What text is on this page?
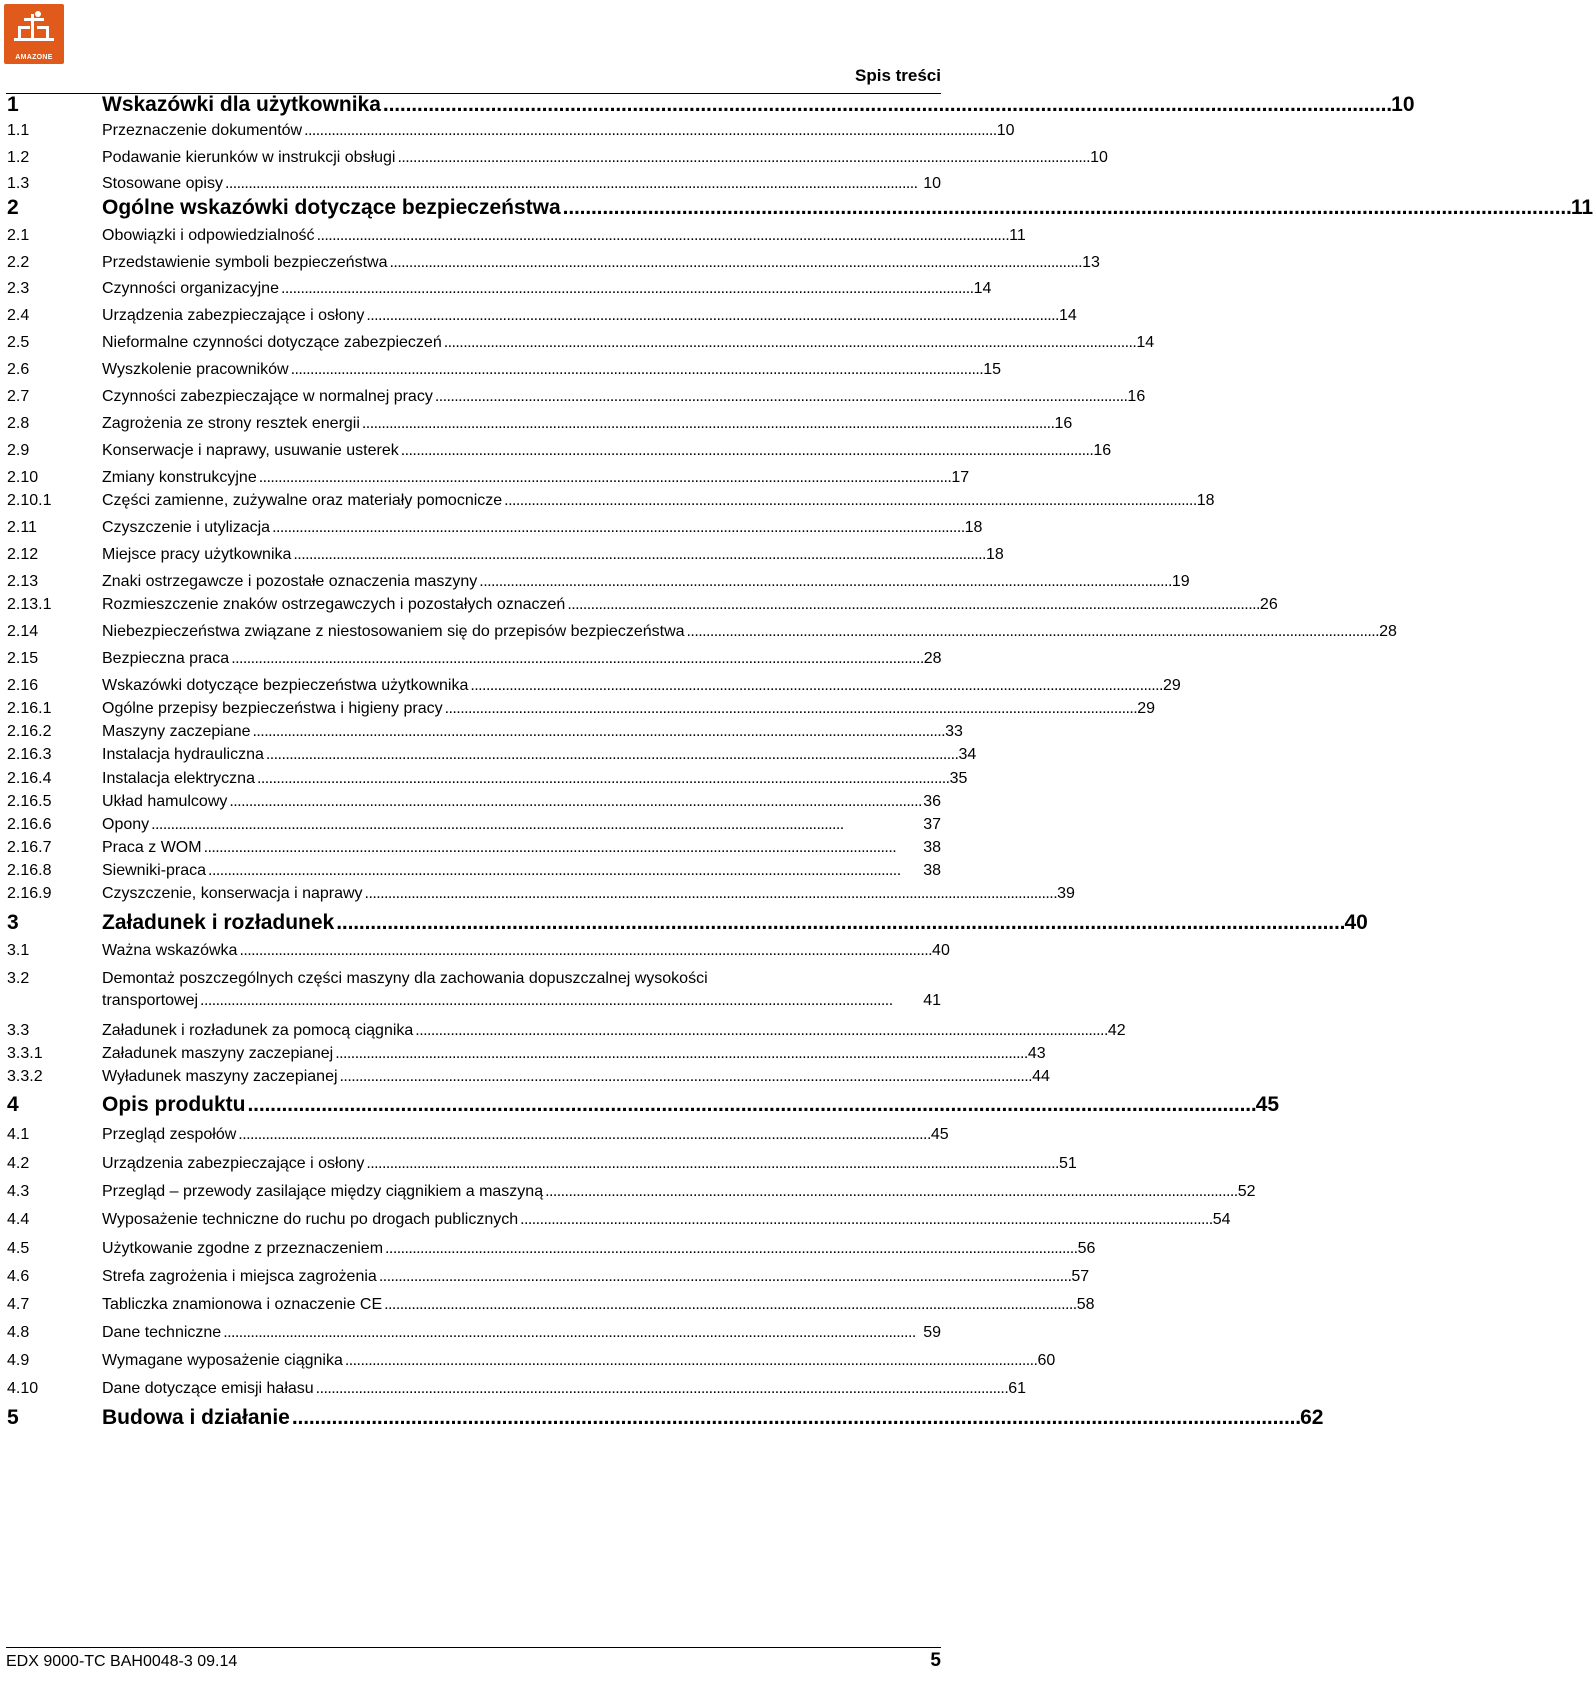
AMAZONE
Spis treści
1	Wskazówki dla użytkownika . . .	10
1.1	Przeznaczenie dokumentów . . .	10
1.2	Podawanie kierunków w instrukcji obsługi . . .	10
1.3	Stosowane opisy . . .	10
2	Ogólne wskazówki dotyczące bezpieczeństwa . . .	11
2.1	Obowiązki i odpowiedzialność . . .	11
2.2	Przedstawienie symboli bezpieczeństwa . . .	13
2.3	Czynności organizacyjne . . .	14
2.4	Urządzenia zabezpieczające i osłony . . .	14
2.5	Nieformalne czynności dotyczące zabezpieczeń . . .	14
2.6	Wyszkolenie pracowników . . .	15
2.7	Czynności zabezpieczające w normalnej pracy . . .	16
2.8	Zagrożenia ze strony resztek energii . . .	16
2.9	Konserwacje i naprawy, usuwanie usterek . . .	16
2.10	Zmiany konstrukcyjne . . .	17
2.10.1	Części zamienne, zużywalne oraz materiały pomocnicze . . .	18
2.11	Czyszczenie i utylizacja . . .	18
2.12	Miejsce pracy użytkownika . . .	18
2.13	Znaki ostrzegawcze i pozostałe oznaczenia maszyny . . .	19
2.13.1	Rozmieszczenie znaków ostrzegawczych i pozostałych oznaczeń . . .	26
2.14	Niebezpieczeństwa związane z niestosowaniem się do przepisów bezpieczeństwa . . .	28
2.15	Bezpieczna praca . . .	28
2.16	Wskazówki dotyczące bezpieczeństwa użytkownika . . .	29
2.16.1	Ogólne przepisy bezpieczeństwa i higieny pracy . . .	29
2.16.2	Maszyny zaczepiane . . .	33
2.16.3	Instalacja hydrauliczna . . .	34
2.16.4	Instalacja elektryczna . . .	35
2.16.5	Układ hamulcowy . . .	36
2.16.6	Opony . . .	37
2.16.7	Praca z WOM . . .	38
2.16.8	Siewniki-praca . . .	38
2.16.9	Czyszczenie, konserwacja i naprawy . . .	39
3	Załadunek i rozładunek . . .	40
3.1	Ważna wskazówka . . .	40
3.2	Demontaż poszczególnych części maszyny dla zachowania dopuszczalnej wysokości
transportowej . . .	41
3.3	Załadunek i rozładunek za pomocą ciągnika . . .	42
3.3.1	Załadunek maszyny zaczepianej . . .	43
3.3.2	Wyładunek maszyny zaczepianej . . .	44
4	Opis produktu . . .	45
4.1	Przegląd zespołów . . .	45
4.2	Urządzenia zabezpieczające i osłony . . .	51
4.3	Przegląd – przewody zasilające między ciągnikiem a maszyną . . .	52
4.4	Wyposażenie techniczne do ruchu po drogach publicznych . . .	54
4.5	Użytkowanie zgodne z przeznaczeniem . . .	56
4.6	Strefa zagrożenia i miejsca zagrożenia . . .	57
4.7	Tabliczka znamionowa i oznaczenie CE . . .	58
4.8	Dane techniczne . . .	59
4.9	Wymagane wyposażenie ciągnika . . .	60
4.10	Dane dotyczące emisji hałasu . . .	61
5	Budowa i działanie . . .	62
EDX 9000-TC BAH0048-3 09.14	5
